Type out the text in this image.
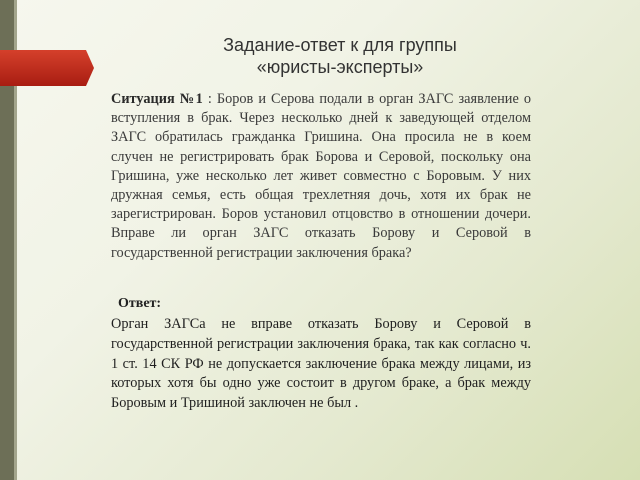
Задание-ответ к для группы
«юристы-эксперты»
Ситуация №1 : Боров и Серова подали в орган ЗАГС заявление о вступления в брак. Через несколько дней к заведующей отделом ЗАГС обратилась гражданка Гришина. Она просила не в коем случен не регистрировать брак Борова и Серовой, поскольку она Гришина, уже несколько лет живет совместно с Боровым. У них дружная семья, есть общая трехлетняя дочь, хотя их брак не зарегистрирован. Боров установил отцовство в отношении дочери. Вправе ли орган ЗАГС отказать Борову и Серовой в государственной регистрации заключения брака?
Ответ:
Орган ЗАГСа не вправе отказать Борову и Серовой в государственной регистрации заключения брака, так как согласно ч. 1 ст. 14 СК РФ не допускается заключение брака между лицами, из которых хотя бы одно уже состоит в другом браке, а брак между Боровым и Тришиной заключен не был .
